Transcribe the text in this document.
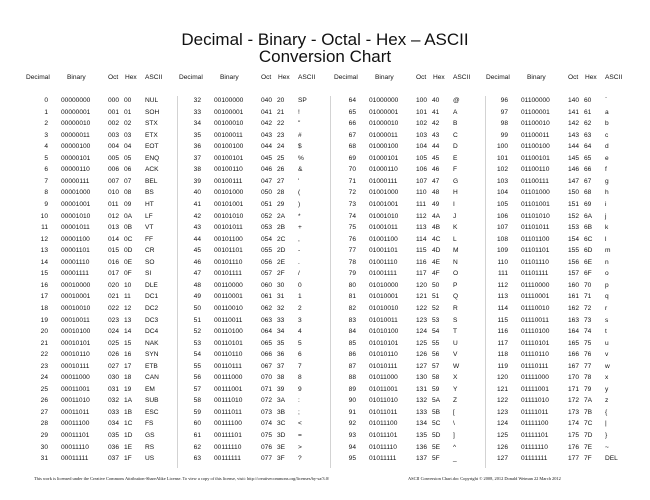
Decimal - Binary - Octal - Hex – ASCII
Conversion Chart
Decimal	Binary	Oct Hex ASCII
0 00000000	000 00	NUL
1 00000001	001 01	SOH
2 00000010	002 02	STX
3 00000011	003 03	ETX
4 00000100	004 04	EOT
5 00000101	005 05	ENQ
6 00000110	006 06	ACK
7 00000111	007 07	BEL
8 00001000	010 08	BS
9 00001001	011 09	HT
10 00001010	012 0A	LF
11 00001011	013 0B	VT
12 00001100	014 0C	FF
13 00001101	015 0D	CR
14 00001110	016 0E	SO
15 00001111	017 0F	SI
16 00010000	020 10	DLE
17 00010001	021 11	DC1
18 00010010	022 12	DC2
19 00010011	023 13	DC3
20 00010100	024 14	DC4
21 00010101	025 15	NAK
22 00010110	026 16	SYN
23 00010111	027 17	ETB
24 00011000	030 18	CAN
25 00011001	031 19	EM
26 00011010	032 1A	SUB
27 00011011	033 1B	ESC
28 00011100	034 1C	FS
29 00011101	035 1D	GS
30 00011110	036 1E	RS
31 00011111	037 1F	US
Decimal	Binary	Oct Hex ASCII
32 00100000	040 20	SP
33 00100001	041 21	!
34 00100010	042 22	"
35 00100011	043 23	#
36 00100100	044 24	$
37 00100101	045 25	%
38 00100110	046 26	&
39 00100111	047 27	'
40 00101000	050 28	(
41 00101001	051 29	)
42 00101010	052 2A	*
43 00101011	053 2B	+
44 00101100	054 2C	,
45 00101101	055 2D	-
46 00101110	056 2E	.
47 00101111	057 2F	/
48 00110000	060 30	0
49 00110001	061 31	1
50 00110010	062 32	2
51 00110011	063 33	3
52 00110100	064 34	4
53 00110101	065 35	5
54 00110110	066 36	6
55 00110111	067 37	7
56 00111000	070 38	8
57 00111001	071 39	9
58 00111010	072 3A	:
59 00111011	073 3B	;
60 00111100	074 3C	<
61 00111101	075 3D	=
62 00111110	076 3E	>
63 00111111	077 3F	?
Decimal	Binary	Oct Hex ASCII
64 01000000	100 40	@
65 01000001	101 41	A
66 01000010	102 42	B
67 01000011	103 43	C
68 01000100	104 44	D
69 01000101	105 45	E
70 01000110	106 46	F
71 01000111	107 47	G
72 01001000	110 48	H
73 01001001	111 49	I
74 01001010	112 4A	J
75 01001011	113 4B	K
76 01001100	114 4C	L
77 01001101	115 4D	M
78 01001110	116 4E	N
79 01001111	117 4F	O
80 01010000	120 50	P
81 01010001	121 51	Q
82 01010010	122 52	R
83 01010011	123 53	S
84 01010100	124 54	T
85 01010101	125 55	U
86 01010110	126 56	V
87 01010111	127 57	W
88 01011000	130 58	X
89 01011001	131 59	Y
90 01011010	132 5A	Z
91 01011011	133 5B	[
92 01011100	134 5C	\
93 01011101	135 5D	]
94 01011110	136 5E	^
95 01011111	137 5F	_
Decimal	Binary	Oct Hex ASCII
96 01100000	140 60	`
97 01100001	141 61	a
98 01100010	142 62	b
99 01100011	143 63	c
100 01100100	144 64	d
101 01100101	145 65	e
102 01100110	146 66	f
103 01100111	147 67	g
104 01101000	150 68	h
105 01101001	151 69	i
106 01101010	152 6A	j
107 01101011	153 6B	k
108 01101100	154 6C	l
109 01101101	155 6D	m
110 01101110	156 6E	n
111 01101111	157 6F	o
112 01110000	160 70	p
113 01110001	161 71	q
114 01110010	162 72	r
115 01110011	163 73	s
116 01110100	164 74	t
117 01110101	165 75	u
118 01110110	166 76	v
119 01110111	167 77	w
120 01111000	170 78	x
121 01111001	171 79	y
122 01111010	172 7A	z
123 01111011	173 7B	{
124 01111100	174 7C	|
125 01111101	175 7D	}
126 01111110	176 7E	~
127 01111111	177 7F	DEL
This work is licensed under the Creative Commons Attribution-ShareAlike License. To view a copy of this license, visit: http://creativecommons.org/licenses/by-sa/3.0/	ASCII Conversion Chart.doc Copyright © 2008, 2012 Donald Weiman 22 March 2012
